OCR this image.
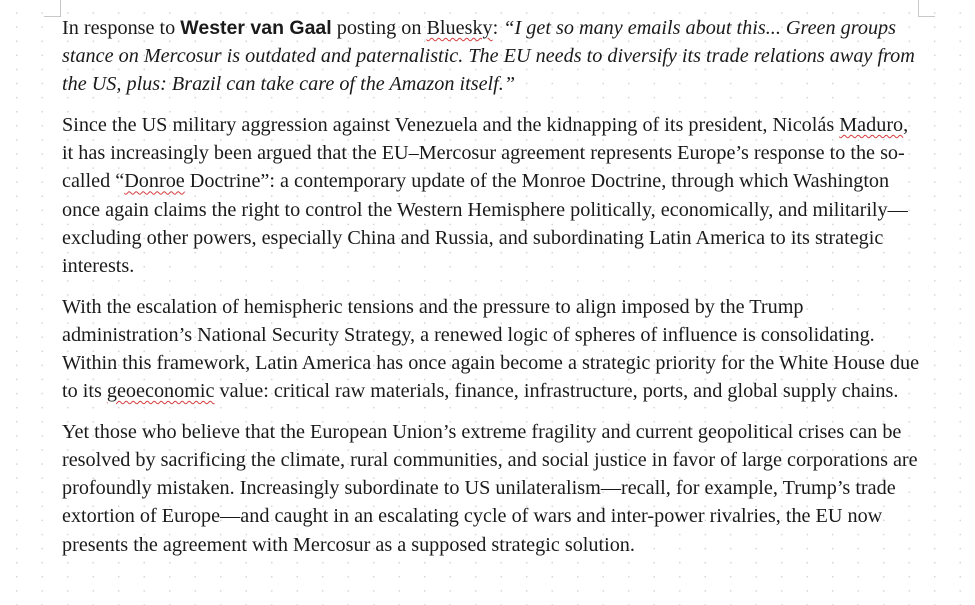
In response to Wester van Gaal posting on Bluesky: “I get so many emails about this... Green groups stance on Mercosur is outdated and paternalistic. The EU needs to diversify its trade relations away from the US, plus: Brazil can take care of the Amazon itself.”

Since the US military aggression against Venezuela and the kidnapping of its president, Nicolás Maduro, it has increasingly been argued that the EU–Mercosur agreement represents Europe’s response to the so-called “Donroe Doctrine”: a contemporary update of the Monroe Doctrine, through which Washington once again claims the right to control the Western Hemisphere politically, economically, and militarily—excluding other powers, especially China and Russia, and subordinating Latin America to its strategic interests.

With the escalation of hemispheric tensions and the pressure to align imposed by the Trump administration’s National Security Strategy, a renewed logic of spheres of influence is consolidating. Within this framework, Latin America has once again become a strategic priority for the White House due to its geoeconomic value: critical raw materials, finance, infrastructure, ports, and global supply chains.

Yet those who believe that the European Union’s extreme fragility and current geopolitical crises can be resolved by sacrificing the climate, rural communities, and social justice in favor of large corporations are profoundly mistaken. Increasingly subordinate to US unilateralism—recall, for example, Trump’s trade extortion of Europe—and caught in an escalating cycle of wars and inter-power rivalries, the EU now presents the agreement with Mercosur as a supposed strategic solution.
